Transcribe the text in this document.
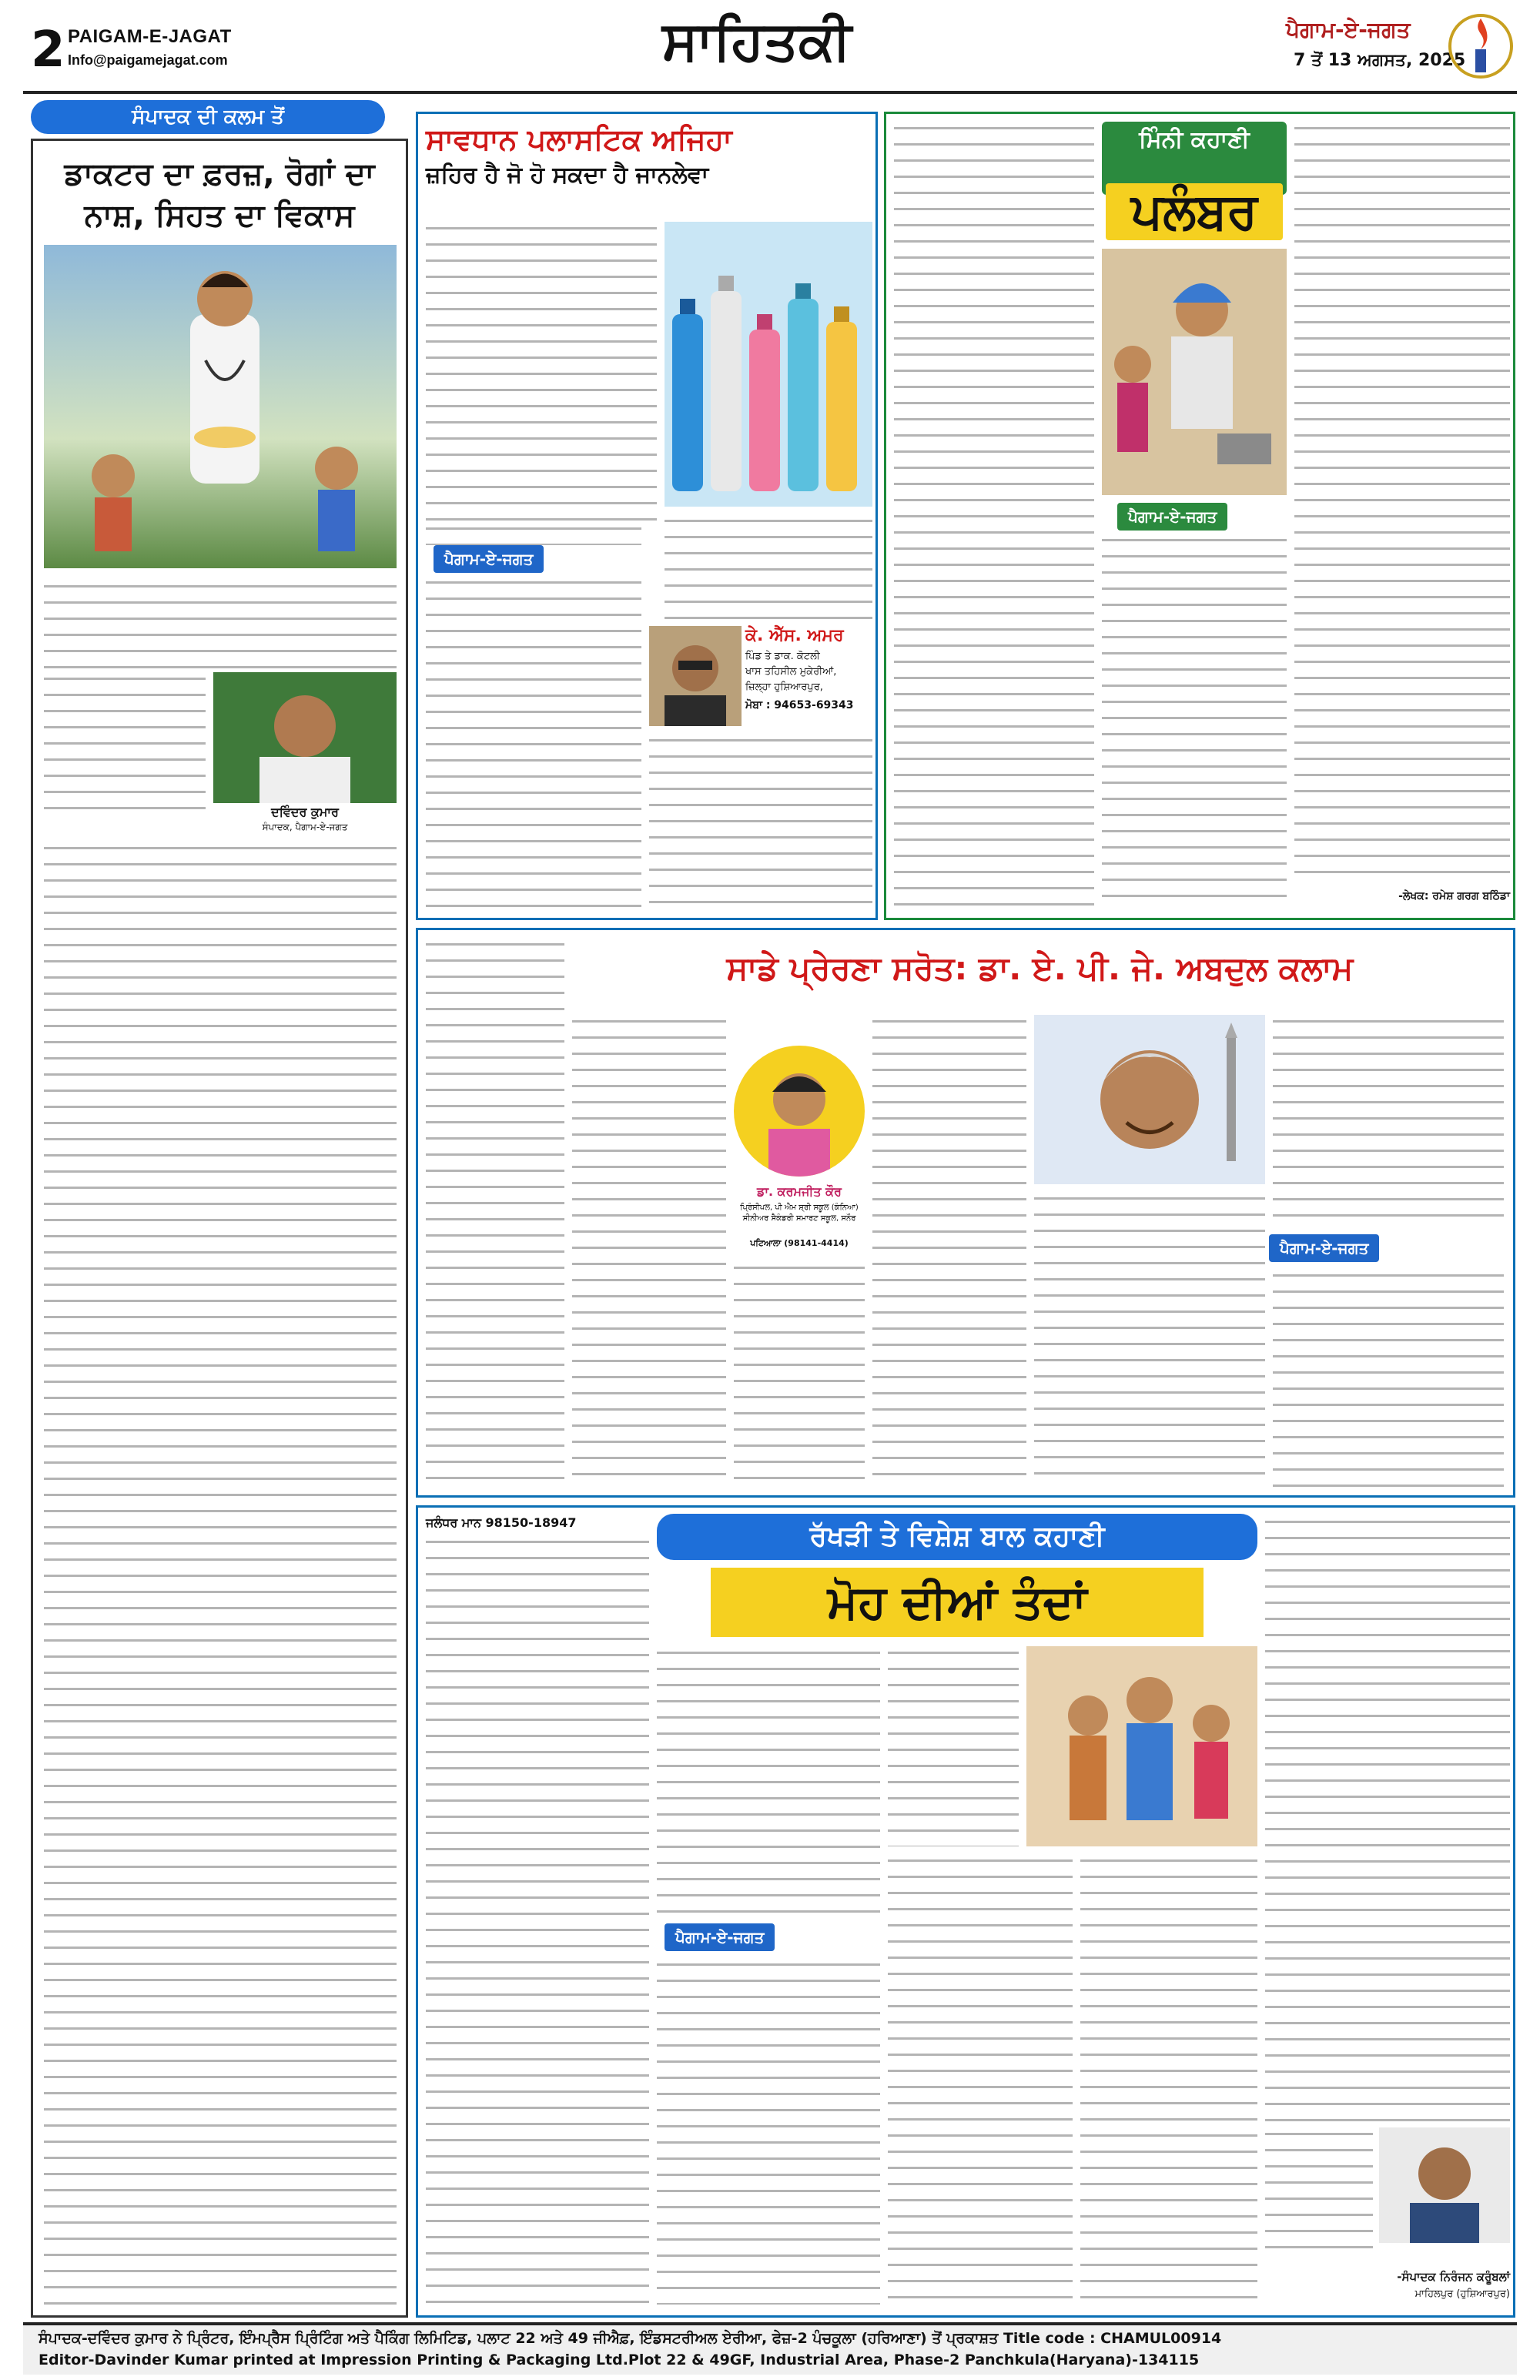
2 PAIGAM-E-JAGAT
Info@paigamejagat.com	ਸਾਹਿਤਕੀ	ਪੈਗਾਮ-ਏ-ਜਗਤ
7 ਤੋਂ 13 ਅਗਸਤ, 2025
ਸੰਪਾਦਕ ਦੀ ਕਲਮ ਤੋਂ
ਡਾਕਟਰ ਦਾ ਫ਼ਰਜ਼, ਰੋਗਾਂ ਦਾ ਨਾਸ਼, ਸਿਹਤ ਦਾ ਵਿਕਾਸ
ਦਵਿੰਦਰ ਕੁਮਾਰ
ਸੰਪਾਦਕ, ਪੈਗਾਮ-ਏ-ਜਗਤ
ਸਾਵਧਾਨ ਪਲਾਸਟਿਕ ਅਜਿਹਾ
ਜ਼ਹਿਰ ਹੈ ਜੋ ਹੋ ਸਕਦਾ ਹੈ ਜਾਨਲੇਵਾ
ਪੈਗਾਮ-ਏ-ਜਗਤ
ਕੇ. ਐੱਸ. ਅਮਰ
ਪਿੰਡ ਤੇ ਡਾਕ. ਕੋਟਲੀ
ਖਾਸ ਤਹਿਸੀਲ ਮੁਕੇਰੀਆਂ,
ਜ਼ਿਲ੍ਹਾ ਹੁਸ਼ਿਆਰਪੁਰ,
ਮੋਬਾ : 94653-69343
ਮਿੰਨੀ ਕਹਾਣੀ
ਪਲੰਬਰ
ਪੈਗਾਮ-ਏ-ਜਗਤ
-ਲੇਖਕ: ਰਮੇਸ਼ ਗਰਗ ਬਠਿੰਡਾ
ਸਾਡੇ ਪ੍ਰੇਰਣਾ ਸਰੋਤ: ਡਾ. ਏ. ਪੀ. ਜੇ. ਅਬਦੁਲ ਕਲਾਮ
ਡਾ. ਕਰਮਜੀਤ ਕੌਰ
ਪ੍ਰਿੰਸੀਪਲ, ਪੀ ਐਮ ਸ਼੍ਰੀ ਸਕੂਲ (ਕੰਨਿਆ) ਸੀਨੀਅਰ ਸੈਕੰਡਰੀ ਸਮਾਰਟ ਸਕੂਲ, ਸਨੌਰ
ਪਟਿਆਲਾ (98141-4414)	ਪੈਗਾਮ-ਏ-ਜਗਤ
ਜਲੰਧਰ ਮਾਨ 98150-18947	ਰੱਖੜੀ ਤੇ ਵਿਸ਼ੇਸ਼ ਬਾਲ ਕਹਾਣੀ
ਮੋਹ ਦੀਆਂ ਤੰਦਾਂ
ਪੈਗਾਮ-ਏ-ਜਗਤ
-ਸੰਪਾਦਕ ਨਿਰੰਜਨ ਕਰੂੰਬਲਾਂ
ਮਾਹਿਲਪੁਰ (ਹੁਸ਼ਿਆਰਪੁਰ)
ਸੰਪਾਦਕ-ਦਵਿੰਦਰ ਕੁਮਾਰ ਨੇ ਪ੍ਰਿੰਟਰ, ਇੰਮਪ੍ਰੈਸ ਪ੍ਰਿੰਟਿੰਗ ਅਤੇ ਪੈਕਿੰਗ ਲਿਮਿਟਿਡ, ਪਲਾਟ 22 ਅਤੇ 49 ਜੀਐਫ਼, ਇੰਡਸਟਰੀਅਲ ਏਰੀਆ, ਫੇਜ਼-2 ਪੰਚਕੂਲਾ (ਹਰਿਆਣਾ) ਤੋਂ ਪ੍ਰਕਾਸ਼ਤ Title code : CHAMUL00914
Editor-Davinder Kumar printed at Impression Printing & Packaging Ltd.Plot 22 & 49GF, Industrial Area, Phase-2 Panchkula(Haryana)-134115
